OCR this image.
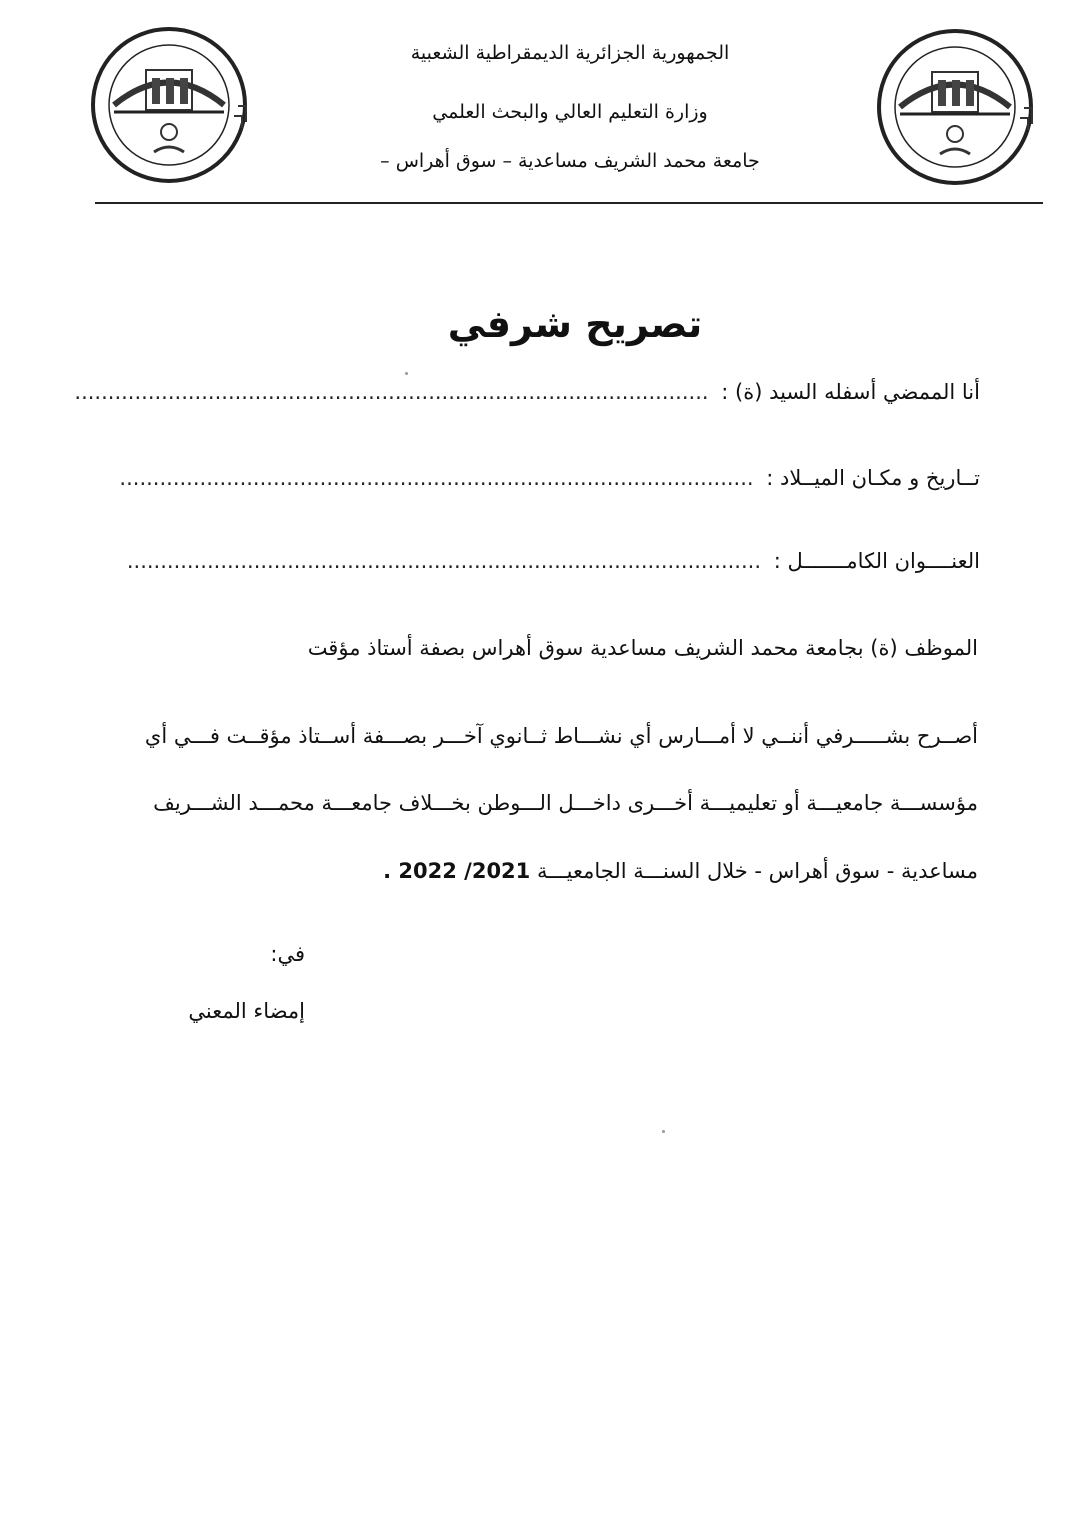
الجمهورية الجزائرية الديمقراطية الشعبية
وزارة التعليم العالي والبحث العلمي
جامعة محمد الشريف مساعدية – سوق أهراس –
تصريح شرفي
أنا الممضي أسفله السيد (ة) : ...............................................................................................
تــاريخ و مكـان الميــلاد : ...............................................................................................
العنــــوان الكامـــــــل : ...............................................................................................
الموظف (ة) بجامعة محمد الشريف مساعدية سوق أهراس بصفة أستاذ مؤقت
أصــرح بشـــــرفي أننــي لا أمـــارس أي نشـــاط ثــانوي آخـــر بصـــفة أســتاذ مؤقــت فـــي أي
مؤسســـة جامعيـــة أو تعليميـــة أخـــرى داخـــل الـــوطن بخـــلاف جامعـــة محمـــد الشـــريف
مساعدية - سوق أهراس - خلال السنـــة الجامعيـــة 2021/ 2022 .
في:
إمضاء المعني
